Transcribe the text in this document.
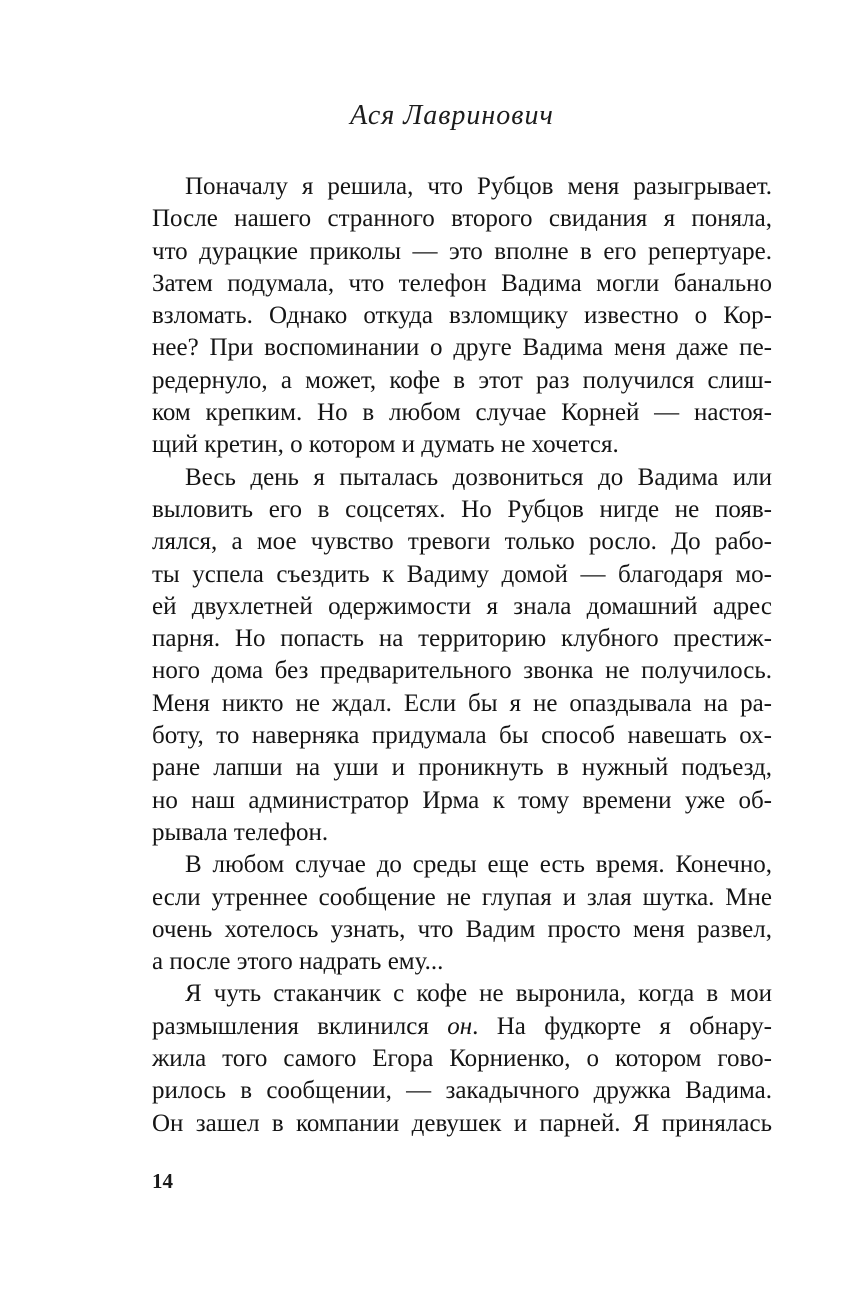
Ася Лавринович
Поначалу я решила, что Рубцов меня разыгрывает.
После нашего странного второго свидания я поняла,
что дурацкие приколы — это вполне в его репертуаре.
Затем подумала, что телефон Вадима могли банально
взломать. Однако откуда взломщику известно о Кор-
нее? При воспоминании о друге Вадима меня даже пе-
редернуло, а может, кофе в этот раз получился слиш-
ком крепким. Но в любом случае Корней — настоя-
щий кретин, о котором и думать не хочется.
Весь день я пыталась дозвониться до Вадима или
выловить его в соцсетях. Но Рубцов нигде не появ-
лялся, а мое чувство тревоги только росло. До рабо-
ты успела съездить к Вадиму домой — благодаря мо-
ей двухлетней одержимости я знала домашний адрес
парня. Но попасть на территорию клубного престиж-
ного дома без предварительного звонка не получилось.
Меня никто не ждал. Если бы я не опаздывала на ра-
боту, то наверняка придумала бы способ навешать ох-
ране лапши на уши и проникнуть в нужный подъезд,
но наш администратор Ирма к тому времени уже об-
рывала телефон.
В любом случае до среды еще есть время. Конечно,
если утреннее сообщение не глупая и злая шутка. Мне
очень хотелось узнать, что Вадим просто меня развел,
а после этого надрать ему...
Я чуть стаканчик с кофе не выронила, когда в мои
размышления вклинился он. На фудкорте я обнару-
жила того самого Егора Корниенко, о котором гово-
рилось в сообщении, — закадычного дружка Вадима.
Он зашел в компании девушек и парней. Я принялась
14
